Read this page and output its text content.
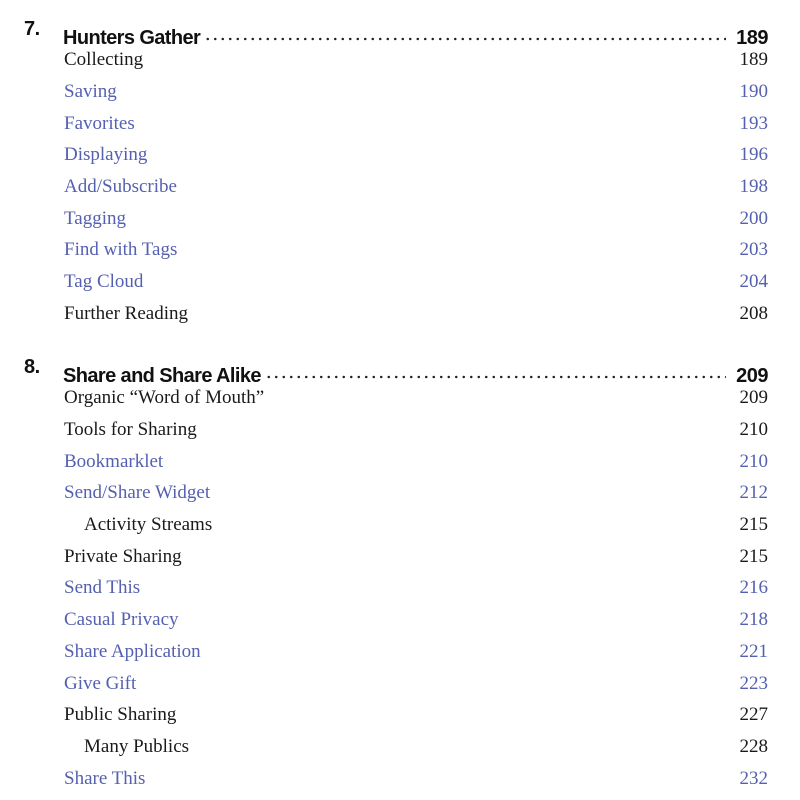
7. Hunters Gather	189
Collecting	189
Saving	190
Favorites	193
Displaying	196
Add/Subscribe	198
Tagging	200
Find with Tags	203
Tag Cloud	204
Further Reading	208
8. Share and Share Alike	209
Organic “Word of Mouth”	209
Tools for Sharing	210
Bookmarklet	210
Send/Share Widget	212
Activity Streams	215
Private Sharing	215
Send This	216
Casual Privacy	218
Share Application	221
Give Gift	223
Public Sharing	227
Many Publics	228
Share This	232
